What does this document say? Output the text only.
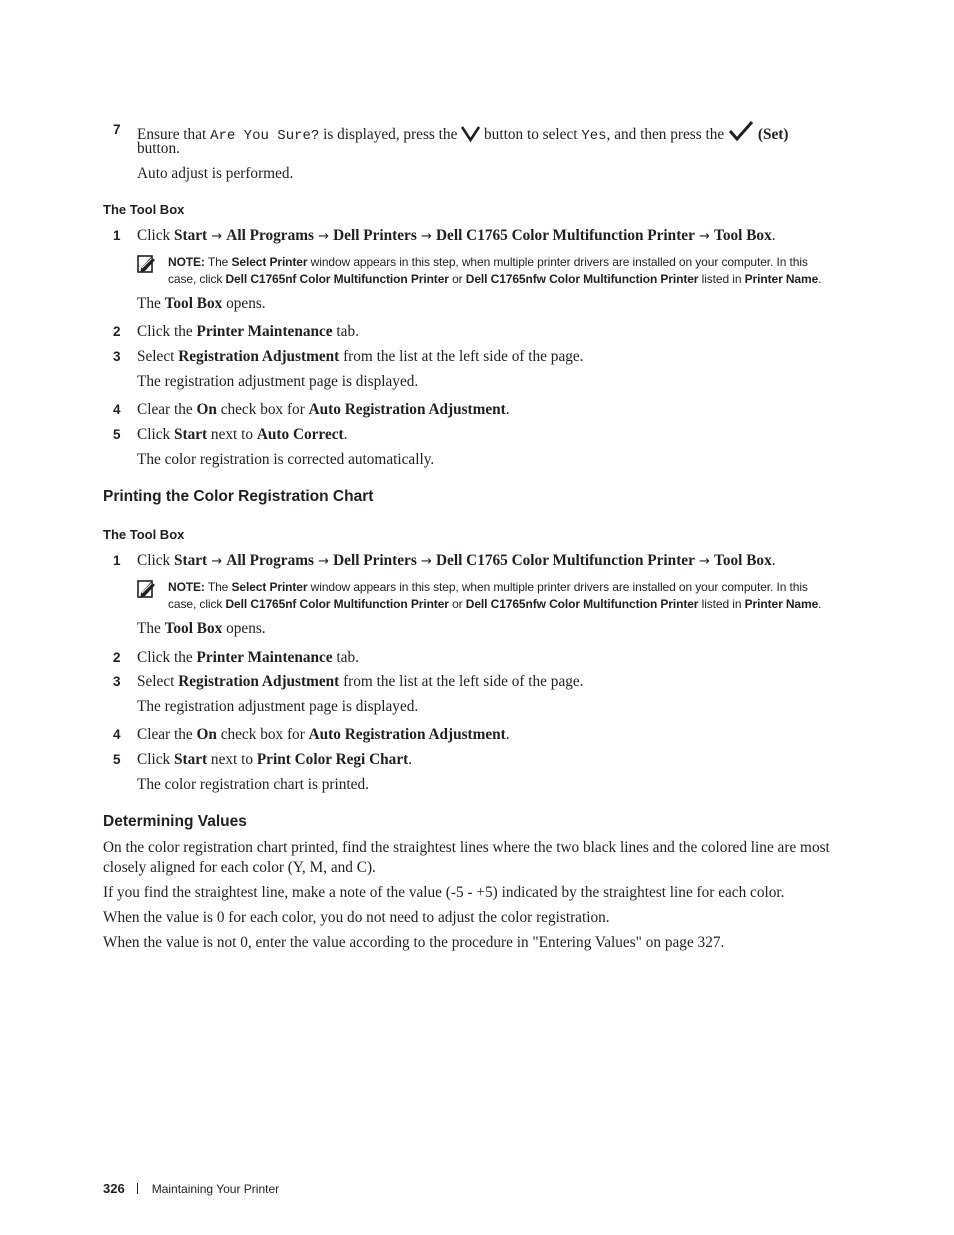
7 Ensure that Are You Sure? is displayed, press the  button to select Yes, and then press the  (Set)
button.
Auto adjust is performed.
The Tool Box
1 Click Start → All Programs → Dell Printers → Dell C1765 Color Multifunction Printer → Tool Box.
NOTE: The Select Printer window appears in this step, when multiple printer drivers are installed on your computer. In this
case, click Dell C1765nf Color Multifunction Printer or Dell C1765nfw Color Multifunction Printer listed in Printer Name.
The Tool Box opens.
2 Click the Printer Maintenance tab.
3 Select Registration Adjustment from the list at the left side of the page.
The registration adjustment page is displayed.
4 Clear the On check box for Auto Registration Adjustment.
5 Click Start next to Auto Correct.
The color registration is corrected automatically.
Printing the Color Registration Chart
The Tool Box
1 Click Start → All Programs → Dell Printers → Dell C1765 Color Multifunction Printer → Tool Box.
NOTE: The Select Printer window appears in this step, when multiple printer drivers are installed on your computer. In this
case, click Dell C1765nf Color Multifunction Printer or Dell C1765nfw Color Multifunction Printer listed in Printer Name.
The Tool Box opens.
2 Click the Printer Maintenance tab.
3 Select Registration Adjustment from the list at the left side of the page.
The registration adjustment page is displayed.
4 Clear the On check box for Auto Registration Adjustment.
5 Click Start next to Print Color Regi Chart.
The color registration chart is printed.
Determining Values
On the color registration chart printed, find the straightest lines where the two black lines and the colored line are most closely aligned for each color (Y, M, and C).
If you find the straightest line, make a note of the value (-5 - +5) indicated by the straightest line for each color.
When the value is 0 for each color, you do not need to adjust the color registration.
When the value is not 0, enter the value according to the procedure in "Entering Values" on page 327.
326 Maintaining Your Printer
